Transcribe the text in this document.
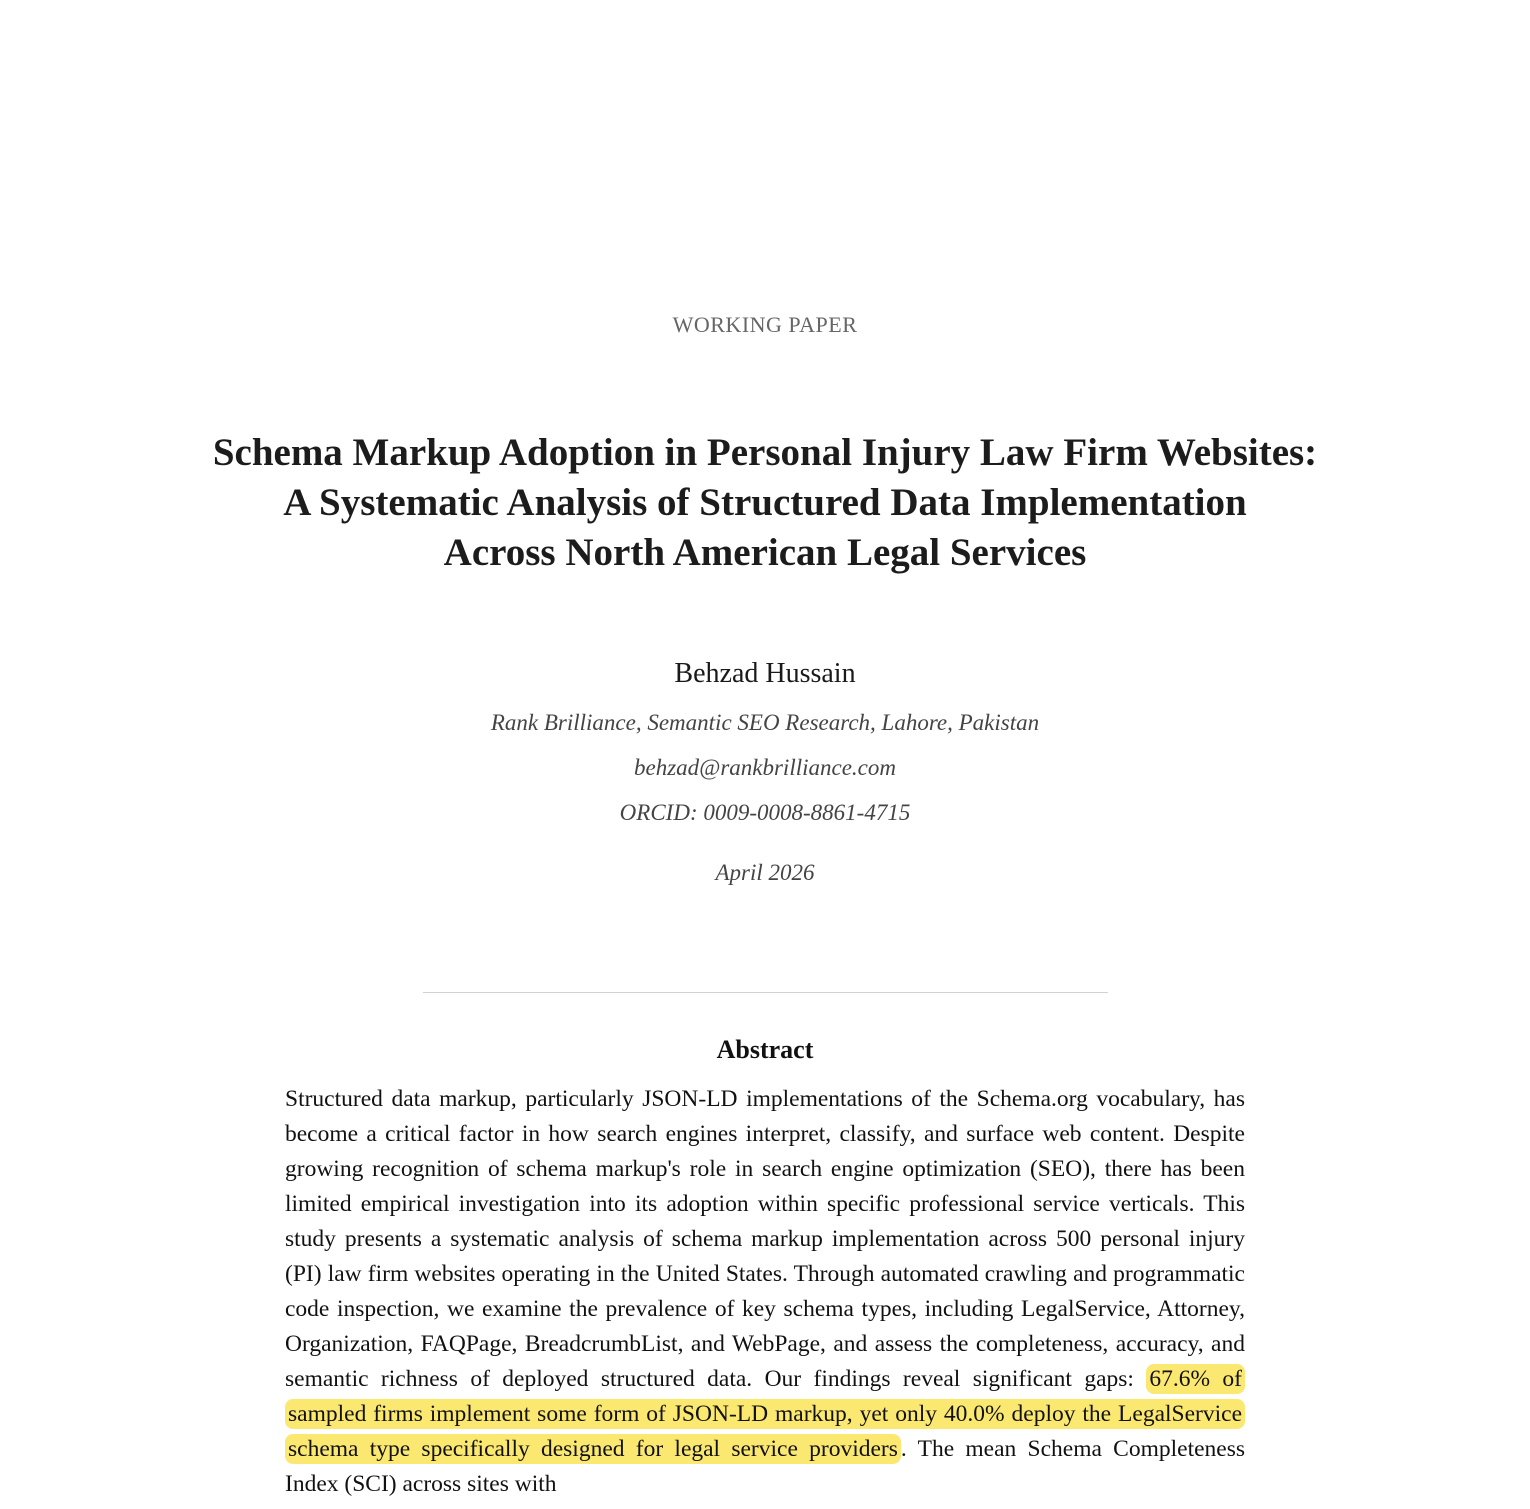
WORKING PAPER
Schema Markup Adoption in Personal Injury Law Firm Websites:
A Systematic Analysis of Structured Data Implementation
Across North American Legal Services
Behzad Hussain
Rank Brilliance, Semantic SEO Research, Lahore, Pakistan
behzad@rankbrilliance.com
ORCID: 0009-0008-8861-4715
April 2026
Abstract

Structured data markup, particularly JSON-LD implementations of the Schema.org vocabulary, has become a critical factor in how search engines interpret, classify, and surface web content. Despite growing recognition of schema markup's role in search engine optimization (SEO), there has been limited empirical investigation into its adoption within specific professional service verticals. This study presents a systematic analysis of schema markup implementation across 500 personal injury (PI) law firm websites operating in the United States. Through automated crawling and programmatic code inspection, we examine the prevalence of key schema types, including LegalService, Attorney, Organization, FAQPage, BreadcrumbList, and WebPage, and assess the completeness, accuracy, and semantic richness of deployed structured data. Our findings reveal significant gaps: 67.6% of sampled firms implement some form of JSON-LD markup, yet only 40.0% deploy the LegalService schema type specifically designed for legal service providers . The mean Schema Completeness Index (SCI) across sites with
